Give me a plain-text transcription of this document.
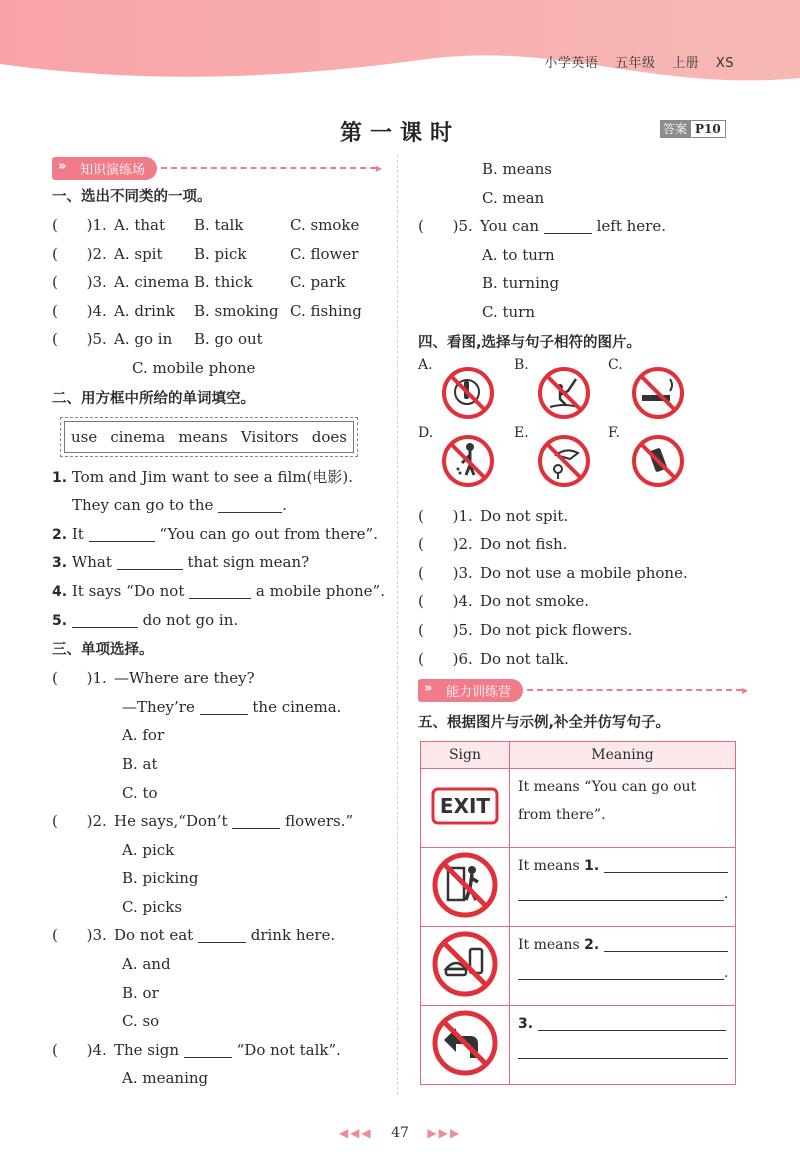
小学英语 五年级 上册 XS
第一课时	答案 P10
» 知识演练场	▸
一、选出不同类的一项。
( )1. A. that B. talk	C. smoke
( )2. A. spit B. pick	C. flower
( )3. A. cinema B. thick C. park
( )4. A. drink B. smoking C. fishing
( )5. A. go in B. go out
C. mobile phone
二、用方框中所给的单词填空。
use cinema means Visitors does
1. Tom and Jim want to see a film(电影).
They can go to the	.
2. It	“You can go out from there”.
3. What	that sign mean?
4. It says “Do not	a mobile phone”.
5.	do not go in.
三、单项选择。
( )1. —Where are they?
—They’re	the cinema.
A. for
B. at
C. to
( )2. He says,“Don’t	flowers.”
A. pick
B. picking
C. picks
( )3. Do not eat	drink here.
A. and
B. or
C. so
( )4. The sign	“Do not talk”.
A. meaning
B. means
C. mean
( )5. You can	left here.
A. to turn
B. turning
C. turn
四、看图,选择与句子相符的图片。
A.	B.	C.
D.	E.	F.
( )1. Do not spit.
( )2. Do not fish.
( )3. Do not use a mobile phone.
( )4. Do not smoke.
( )5. Do not pick flowers.
( )6. Do not talk.
» 能力训练营	▸
五、根据图片与示例,补全并仿写句子。
Sign	Meaning

EXIT	It means “You can go out from there”.
	It means 1.
.
	It means 2.
.
	3.

◀◀◀ 47 ▶▶▶
